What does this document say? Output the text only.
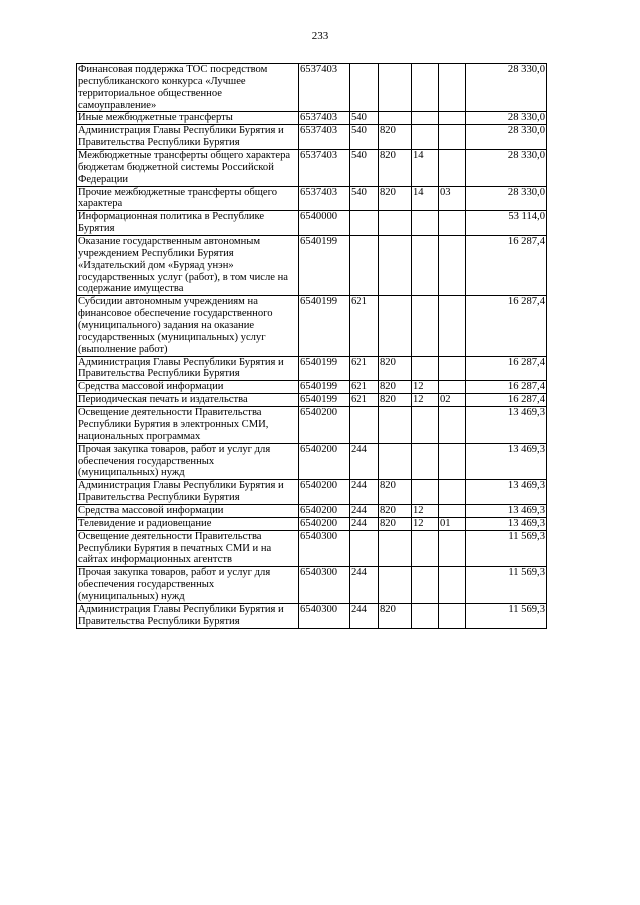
233
Финансовая поддержка ТОС посредством республиканского конкурса «Лучшее территориальное общественное самоуправление»	6537403					28 330,0
Иные межбюджетные трансферты	6537403	540				28 330,0
Администрация Главы Республики Бурятия и Правительства Республики Бурятия	6537403	540	820			28 330,0
Межбюджетные трансферты общего характера бюджетам бюджетной системы Российской Федерации	6537403	540	820	14		28 330,0
Прочие межбюджетные трансферты общего характера	6537403	540	820	14	03	28 330,0
Информационная политика в Республике Бурятия	6540000					53 114,0
Оказание государственным автономным учреждением Республики Бурятия «Издательский дом «Буряад унэн» государственных услуг (работ), в том числе на содержание имущества	6540199					16 287,4
Субсидии автономным учреждениям на финансовое обеспечение государственного (муниципального) задания на оказание государственных (муниципальных) услуг (выполнение работ)	6540199	621				16 287,4
Администрация Главы Республики Бурятия и Правительства Республики Бурятия	6540199	621	820			16 287,4
Средства массовой информации	6540199	621	820	12		16 287,4
Периодическая печать и издательства	6540199	621	820	12	02	16 287,4
Освещение деятельности Правительства Республики Бурятия в электронных СМИ, национальных программах	6540200					13 469,3
Прочая закупка товаров, работ и услуг для обеспечения государственных (муниципальных) нужд	6540200	244				13 469,3
Администрация Главы Республики Бурятия и Правительства Республики Бурятия	6540200	244	820			13 469,3
Средства массовой информации	6540200	244	820	12		13 469,3
Телевидение и радиовещание	6540200	244	820	12	01	13 469,3
Освещение деятельности Правительства Республики Бурятия в печатных СМИ и на сайтах информационных агентств	6540300					11 569,3
Прочая закупка товаров, работ и услуг для обеспечения государственных (муниципальных) нужд	6540300	244				11 569,3
Администрация Главы Республики Бурятия и Правительства Республики Бурятия	6540300	244	820			11 569,3
